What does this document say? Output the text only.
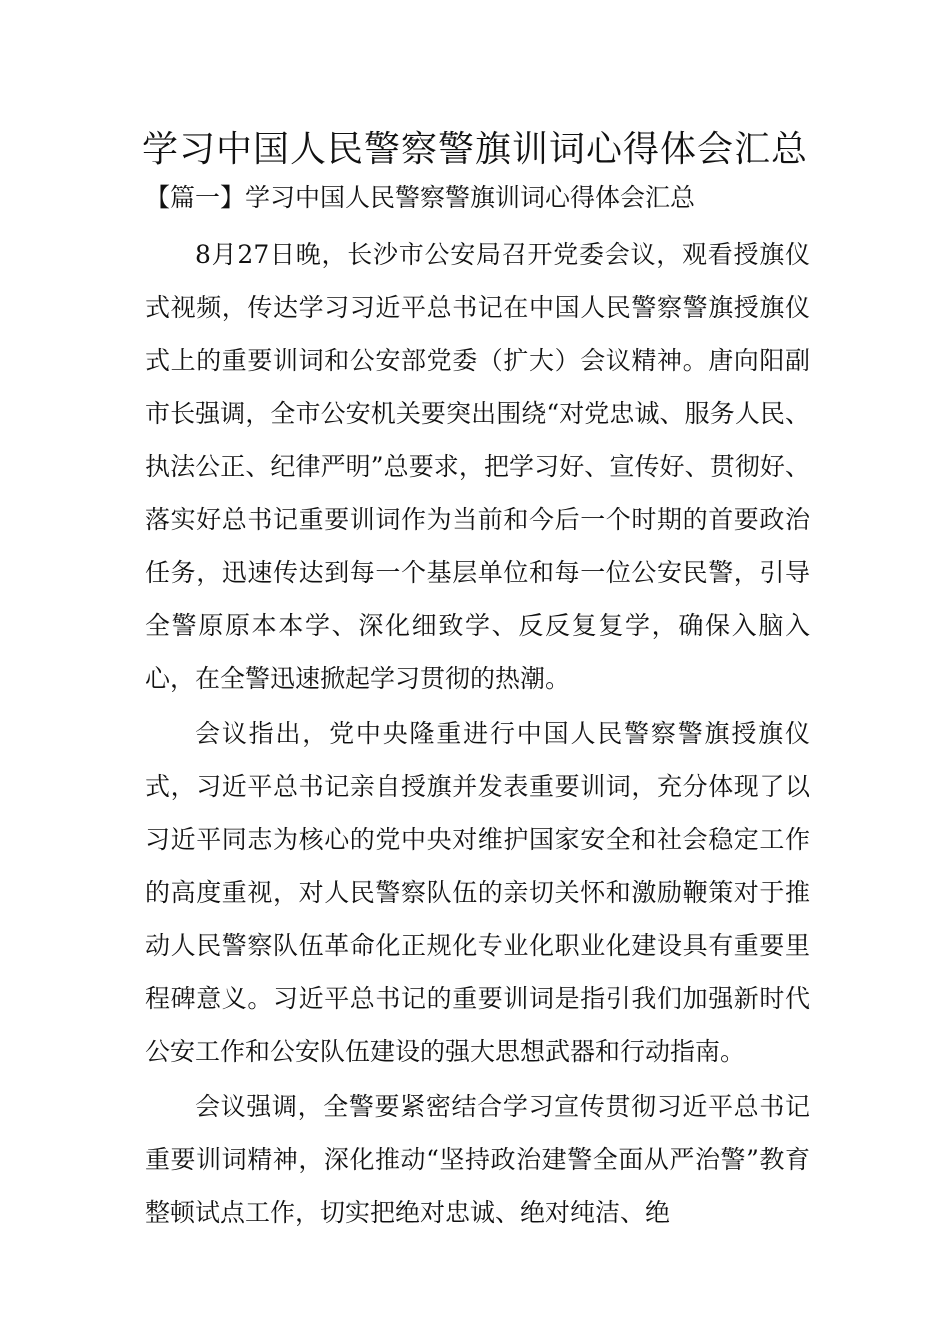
学习中国人民警察警旗训词心得体会汇总
【篇一】学习中国人民警察警旗训词心得体会汇总

8月27日晚，长沙市公安局召开党委会议，观看授旗仪式视频，传达学习习近平总书记在中国人民警察警旗授旗仪式上的重要训词和公安部党委（扩大）会议精神。唐向阳副市长强调，全市公安机关要突出围绕“对党忠诚、服务人民、执法公正、纪律严明”总要求，把学习好、宣传好、贯彻好、落实好总书记重要训词作为当前和今后一个时期的首要政治任务，迅速传达到每一个基层单位和每一位公安民警，引导全警原原本本学、深化细致学、反反复复学，确保入脑入心，在全警迅速掀起学习贯彻的热潮。

会议指出，党中央隆重进行中国人民警察警旗授旗仪式，习近平总书记亲自授旗并发表重要训词，充分体现了以习近平同志为核心的党中央对维护国家安全和社会稳定工作的高度重视，对人民警察队伍的亲切关怀和激励鞭策对于推动人民警察队伍革命化正规化专业化职业化建设具有重要里程碑意义。习近平总书记的重要训词是指引我们加强新时代公安工作和公安队伍建设的强大思想武器和行动指南。

会议强调，全警要紧密结合学习宣传贯彻习近平总书记重要训词精神，深化推动“坚持政治建警全面从严治警”教育整顿试点工作，切实把绝对忠诚、绝对纯洁、绝
